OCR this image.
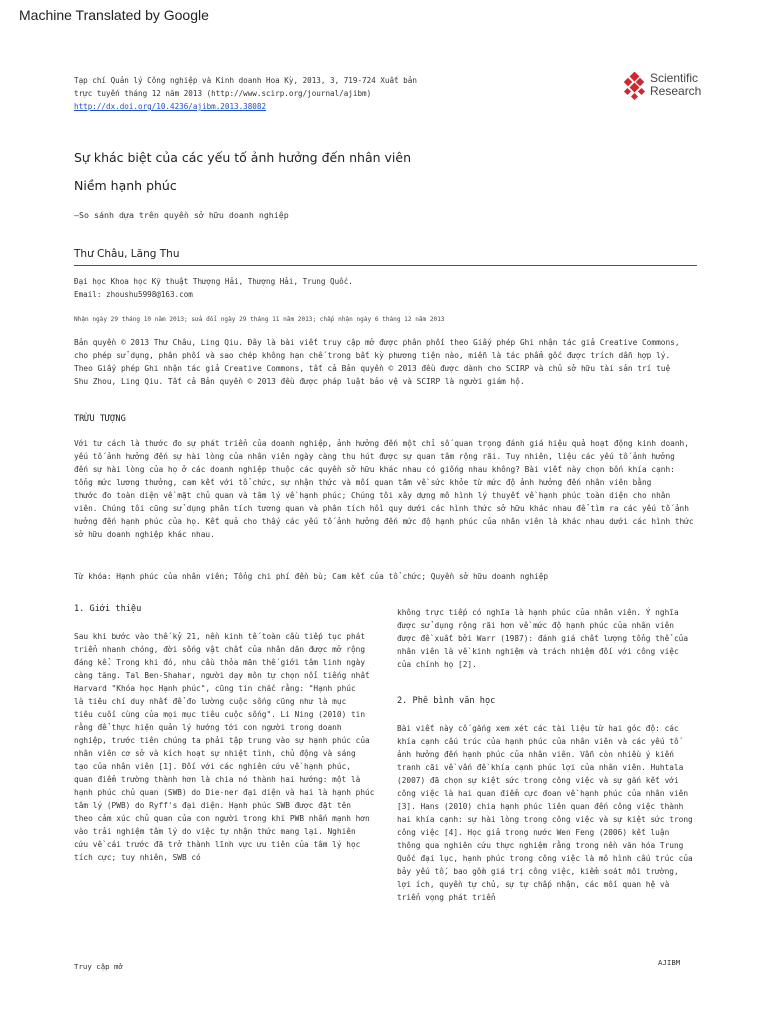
Machine Translated by Google
Tạp chí Quản lý Công nghiệp và Kinh doanh Hoa Kỳ, 2013, 3, 719-724 Xuất bản
trực tuyến tháng 12 năm 2013 (http://www.scirp.org/journal/ajibm)
http://dx.doi.org/10.4236/ajibm.2013.38082
Scientific
Research
Sự khác biệt của các yếu tố ảnh hưởng đến nhân viên
Niềm hạnh phúc
—So sánh dựa trên quyền sở hữu doanh nghiệp
Thư Châu, Lăng Thu
Đại học Khoa học Kỹ thuật Thượng Hải, Thượng Hải, Trung Quốc.
Email: zhoushu5998@163.com
Nhận ngày 29 tháng 10 năm 2013; sửa đổi ngày 29 tháng 11 năm 2013; chấp nhận ngày 6 tháng 12 năm 2013

Bản quyền © 2013 Thư Châu, Ling Qiu. Đây là bài viết truy cập mở được phân phối theo Giấy phép Ghi nhận tác giả Creative Commons,

cho phép sử dụng, phân phối và sao chép không hạn chế trong bất kỳ phương tiện nào, miễn là tác phẩm gốc được trích dẫn hợp lý.

Theo Giấy phép Ghi nhận tác giả Creative Commons, tất cả Bản quyền © 2013 đều được dành cho SCIRP và chủ sở hữu tài sản trí tuệ

Shu Zhou, Ling Qiu. Tất cả Bản quyền © 2013 đều được pháp luật bảo vệ và SCIRP là người giám hộ.

TRỪU TƯỢNG

Với tư cách là thước đo sự phát triển của doanh nghiệp, ảnh hưởng đến một chỉ số quan trọng đánh giá hiệu quả hoạt động kinh doanh,

yếu tố ảnh hưởng đến sự hài lòng của nhân viên ngày càng thu hút được sự quan tâm rộng rãi. Tuy nhiên, liệu các yếu tố ảnh hưởng

đến sự hài lòng của họ ở các doanh nghiệp thuộc các quyền sở hữu khác nhau có giống nhau không? Bài viết này chọn bốn khía cạnh:

tổng mức lương thưởng, cam kết với tổ chức, sự nhận thức và mối quan tâm về sức khỏe từ mức độ ảnh hưởng đến nhân viên bằng

thước đo toàn diện về mặt chủ quan và tâm lý về hạnh phúc; Chúng tôi xây dựng mô hình lý thuyết về hạnh phúc toàn diện cho nhân

viên. Chúng tôi cũng sử dụng phân tích tương quan và phân tích hồi quy dưới các hình thức sở hữu khác nhau để tìm ra các yếu tố ảnh

hưởng đến hạnh phúc của họ. Kết quả cho thấy các yếu tố ảnh hưởng đến mức độ hạnh phúc của nhân viên là khác nhau dưới các hình thức

sở hữu doanh nghiệp khác nhau.

Từ khóa: Hạnh phúc của nhân viên; Tổng chi phí đền bù; Cam kết của tổ chức; Quyền sở hữu doanh nghiệp
1. Giới thiệu

Sau khi bước vào thế kỷ 21, nền kinh tế toàn cầu tiếp tục phát

triển nhanh chóng, đời sống vật chất của nhân dân được mở rộng

đáng kể. Trong khi đó, nhu cầu thỏa mãn thế giới tâm linh ngày

càng tăng. Tal Ben-Shahar, người dạy môn tự chọn nổi tiếng nhất

Harvard "Khóa học Hạnh phúc", cũng tin chắc rằng: "Hạnh phúc

là tiêu chí duy nhất để đo lường cuộc sống cũng như là mục

tiêu cuối cùng của mọi mục tiêu cuộc sống". Li Ning (2010) tin

rằng để thực hiện quản lý hướng tới con người trong doanh

nghiệp, trước tiên chúng ta phải tập trung vào sự hạnh phúc của

nhân viên cơ sở và kích hoạt sự nhiệt tình, chủ động và sáng

tạo của nhân viên [1]. Đối với các nghiên cứu về hạnh phúc,

quan điểm trường thành hơn là chia nó thành hai hướng: một là

hạnh phúc chủ quan (SWB) do Die-ner đại diện và hai là hạnh phúc

tâm lý (PWB) do Ryff's đại diện. Hạnh phúc SWB được đặt tên

theo cảm xúc chủ quan của con người trong khi PWB nhấn mạnh hơn

vào trải nghiệm tâm lý do việc tự nhận thức mang lại. Nghiên

cứu về cái trước đã trở thành lĩnh vực ưu tiên của tâm lý học

tích cực; tuy nhiên, SWB có

không trực tiếp có nghĩa là hạnh phúc của nhân viên. Ý nghĩa

được sử dụng rộng rãi hơn về mức độ hạnh phúc của nhân viên

được đề xuất bởi Warr (1987): đánh giá chất lượng tổng thể của

nhân viên là về kinh nghiệm và trách nhiệm đối với công việc

của chính họ [2].

2. Phê bình văn học

Bài viết này cố gắng xem xét các tài liệu từ hai góc độ: các

khía cạnh cấu trúc của hạnh phúc của nhân viên và các yếu tố

ảnh hưởng đến hạnh phúc của nhân viên. Vẫn còn nhiều ý kiến

tranh cãi về vấn đề khía cạnh phúc lợi của nhân viên. Huhtala

(2007) đã chọn sự kiệt sức trong công việc và sự gắn kết với

công việc là hai quan điểm cực đoan về hạnh phúc của nhân viên

[3]. Hans (2010) chia hạnh phúc liên quan đến công việc thành

hai khía cạnh: sự hài lòng trong công việc và sự kiệt sức trong

công việc [4]. Học giả trong nước Wen Feng (2006) kết luận

thông qua nghiên cứu thực nghiệm rằng trong nền văn hóa Trung

Quốc đại lục, hạnh phúc trong công việc là mô hình cấu trúc của

bảy yếu tố, bao gồm giá trị công việc, kiểm soát môi trường,

lợi ích, quyền tự chủ, sự tự chấp nhận, các mối quan hệ và

triển vọng phát triển

Truy cập mở	AJIBM
